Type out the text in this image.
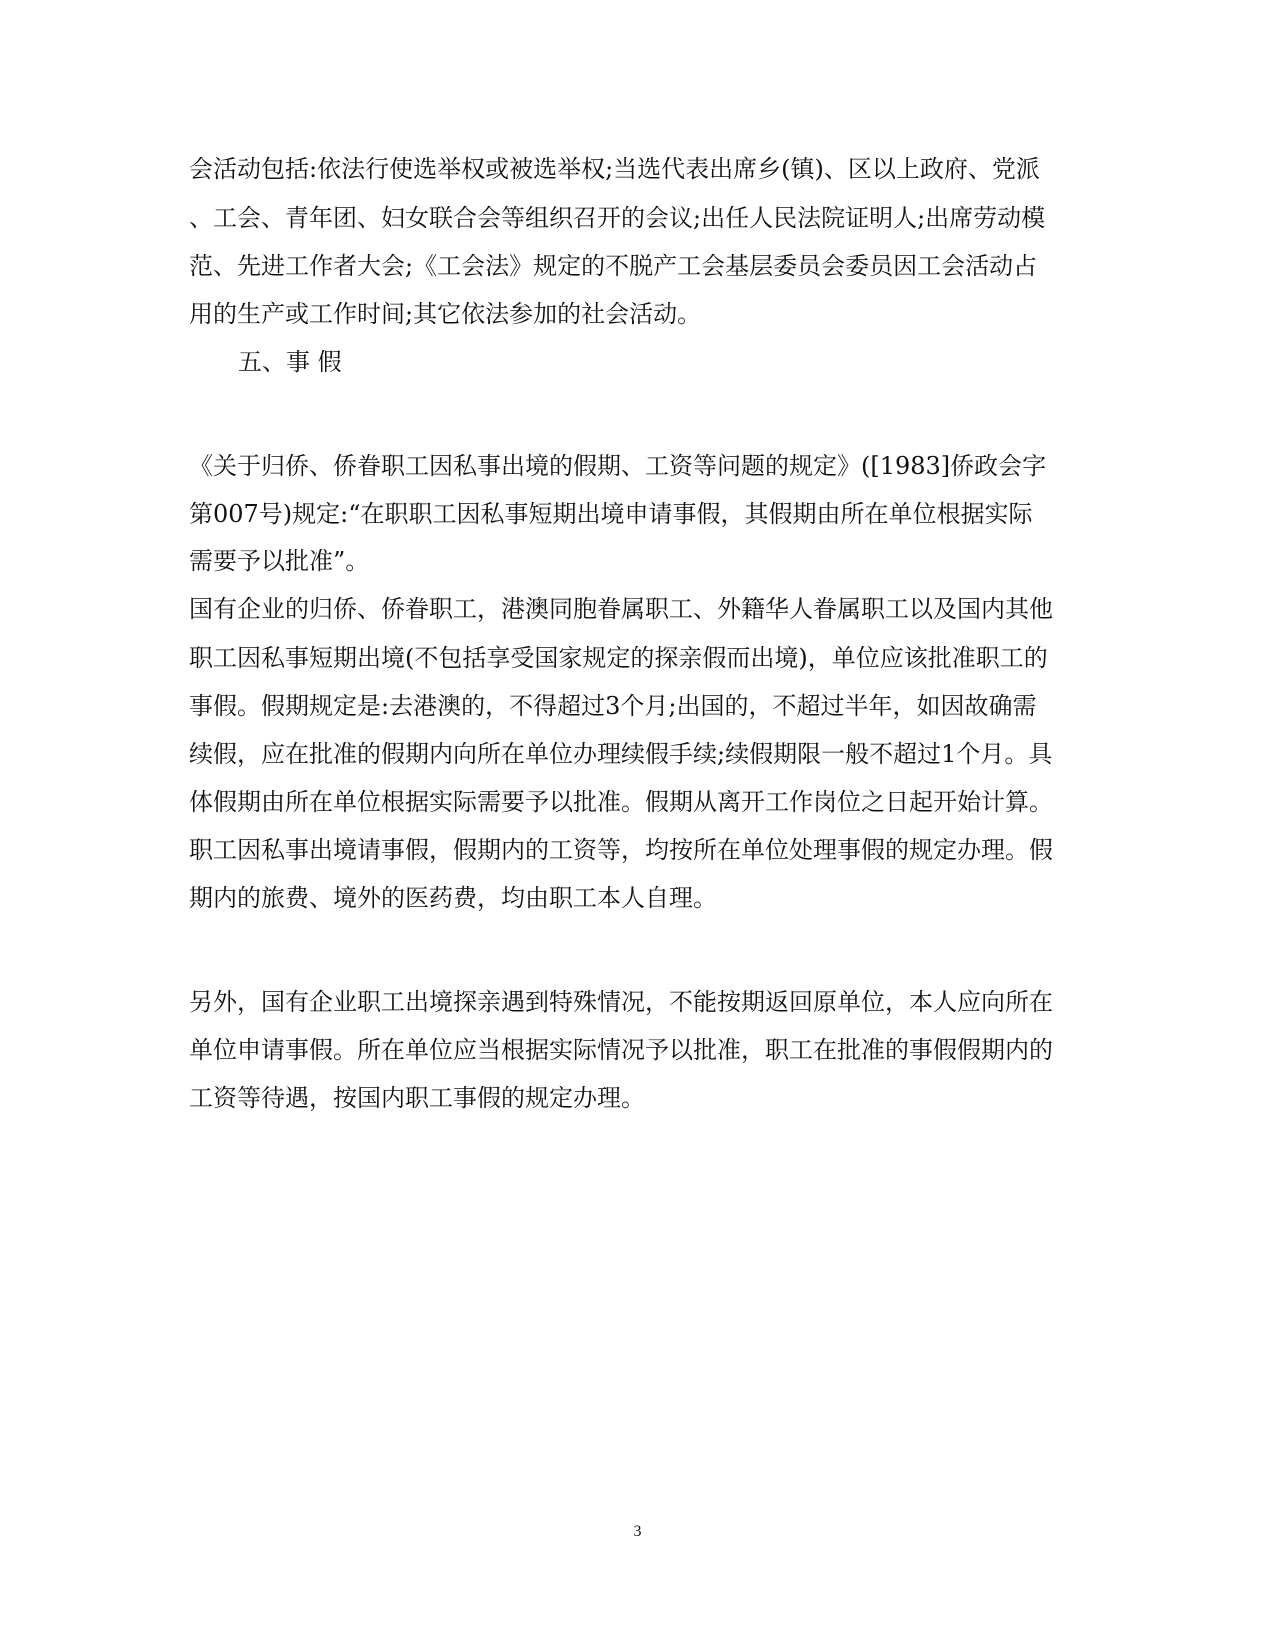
会活动包括:依法行使选举权或被选举权;当选代表出席乡(镇)、区以上政府、党派

、工会、青年团、妇女联合会等组织召开的会议;出任人民法院证明人;出席劳动模

范、先进工作者大会;《工会法》规定的不脱产工会基层委员会委员因工会活动占

用的生产或工作时间;其它依法参加的社会活动。

五、事 假

《关于归侨、侨眷职工因私事出境的假期、工资等问题的规定》([1983]侨政会字

第007号)规定:“在职职工因私事短期出境申请事假，其假期由所在单位根据实际

需要予以批准”。

国有企业的归侨、侨眷职工，港澳同胞眷属职工、外籍华人眷属职工以及国内其他

职工因私事短期出境(不包括享受国家规定的探亲假而出境)，单位应该批准职工的

事假。假期规定是:去港澳的，不得超过3个月;出国的，不超过半年，如因故确需

续假，应在批准的假期内向所在单位办理续假手续;续假期限一般不超过1个月。具

体假期由所在单位根据实际需要予以批准。假期从离开工作岗位之日起开始计算。

职工因私事出境请事假，假期内的工资等，均按所在单位处理事假的规定办理。假

期内的旅费、境外的医药费，均由职工本人自理。

另外，国有企业职工出境探亲遇到特殊情况，不能按期返回原单位，本人应向所在

单位申请事假。所在单位应当根据实际情况予以批准，职工在批准的事假假期内的

工资等待遇，按国内职工事假的规定办理。

3
